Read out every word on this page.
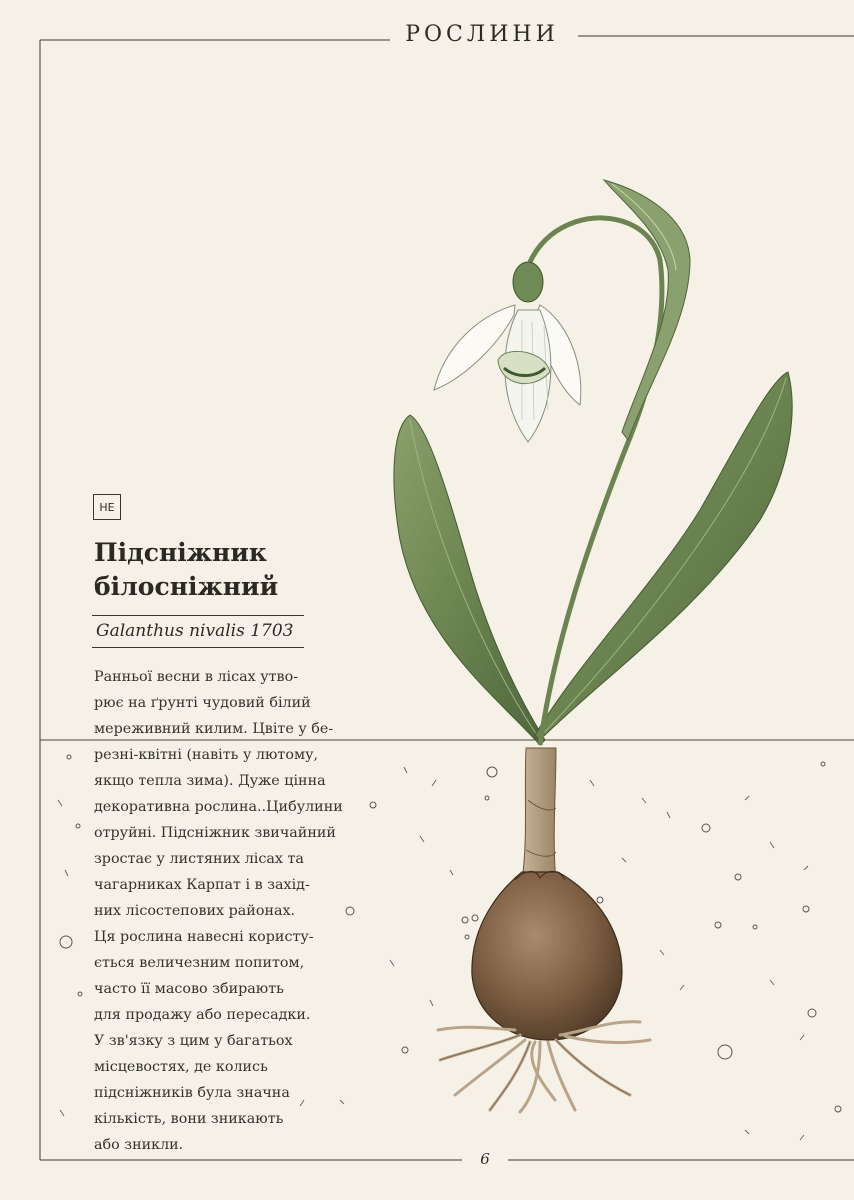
РОСЛИНИ
НЕ
Підсніжник
білосніжний
Galanthus nivalis 1703
Ранньої весни в лісах утво-
рює на ґрунті чудовий білий
мереживний килим. Цвіте у бе-
резні-квітні (навіть у лютому,
якщо тепла зима). Дуже цінна
декоративна рослина..Цибулини
отруйні. Підсніжник звичайний
зростає у листяних лісах та
чагарниках Карпат і в захід-
них лісостепових районах.
Ця рослина навесні користу-
ється величезним попитом,
часто її масово збирають
для продажу або пересадки.
У зв'язку з цим у багатьох
місцевостях, де колись
підсніжників була значна
кількість, вони зникають
або зникли.
6
